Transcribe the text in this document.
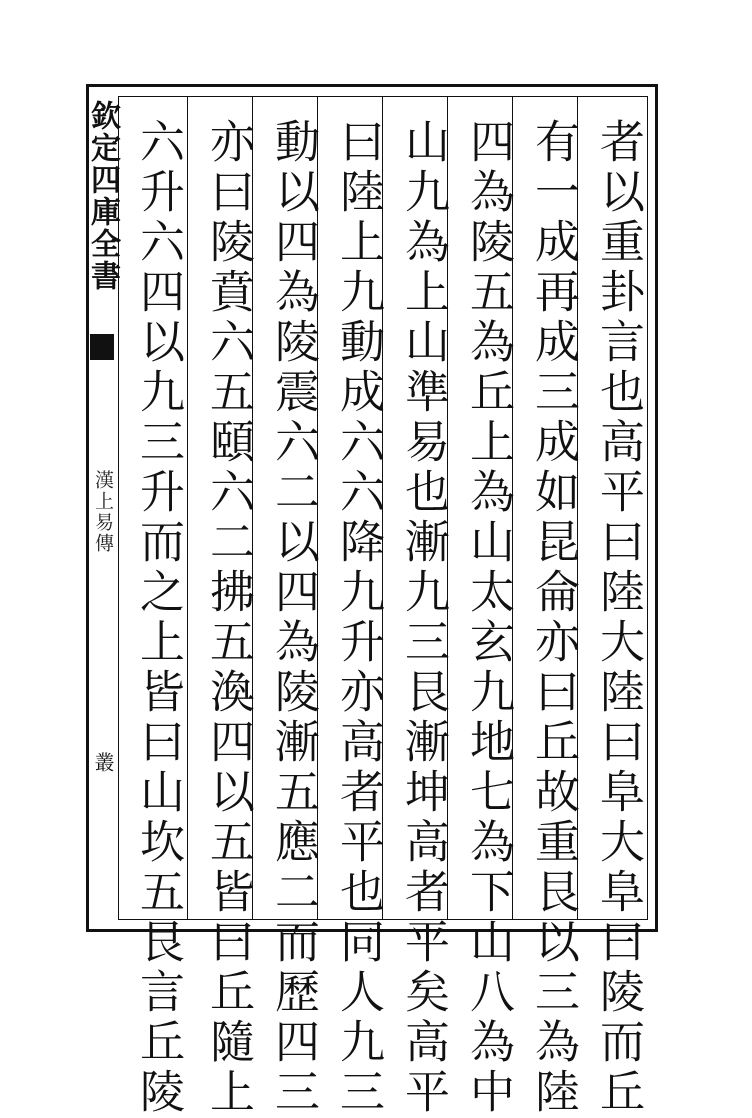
欽定四庫全書
漢上易傳
叢	者以重卦言也高平曰陸大陸曰阜大阜曰陵而丘
有一成再成三成如昆侖亦曰丘故重艮以三為陸
四為陵五為丘上為山太玄九地七為下山八為中
山九為上山準易也漸九三艮漸坤高者平矣高平
曰陸上九動成六六降九升亦高者平也同人九三
動以四為陵震六二以四為陵漸五應二而歷四三
亦曰陵賁六五頤六二拂五渙四以五皆曰丘隨上
六升六四以九三升而之上皆曰山坎五艮言丘陵
